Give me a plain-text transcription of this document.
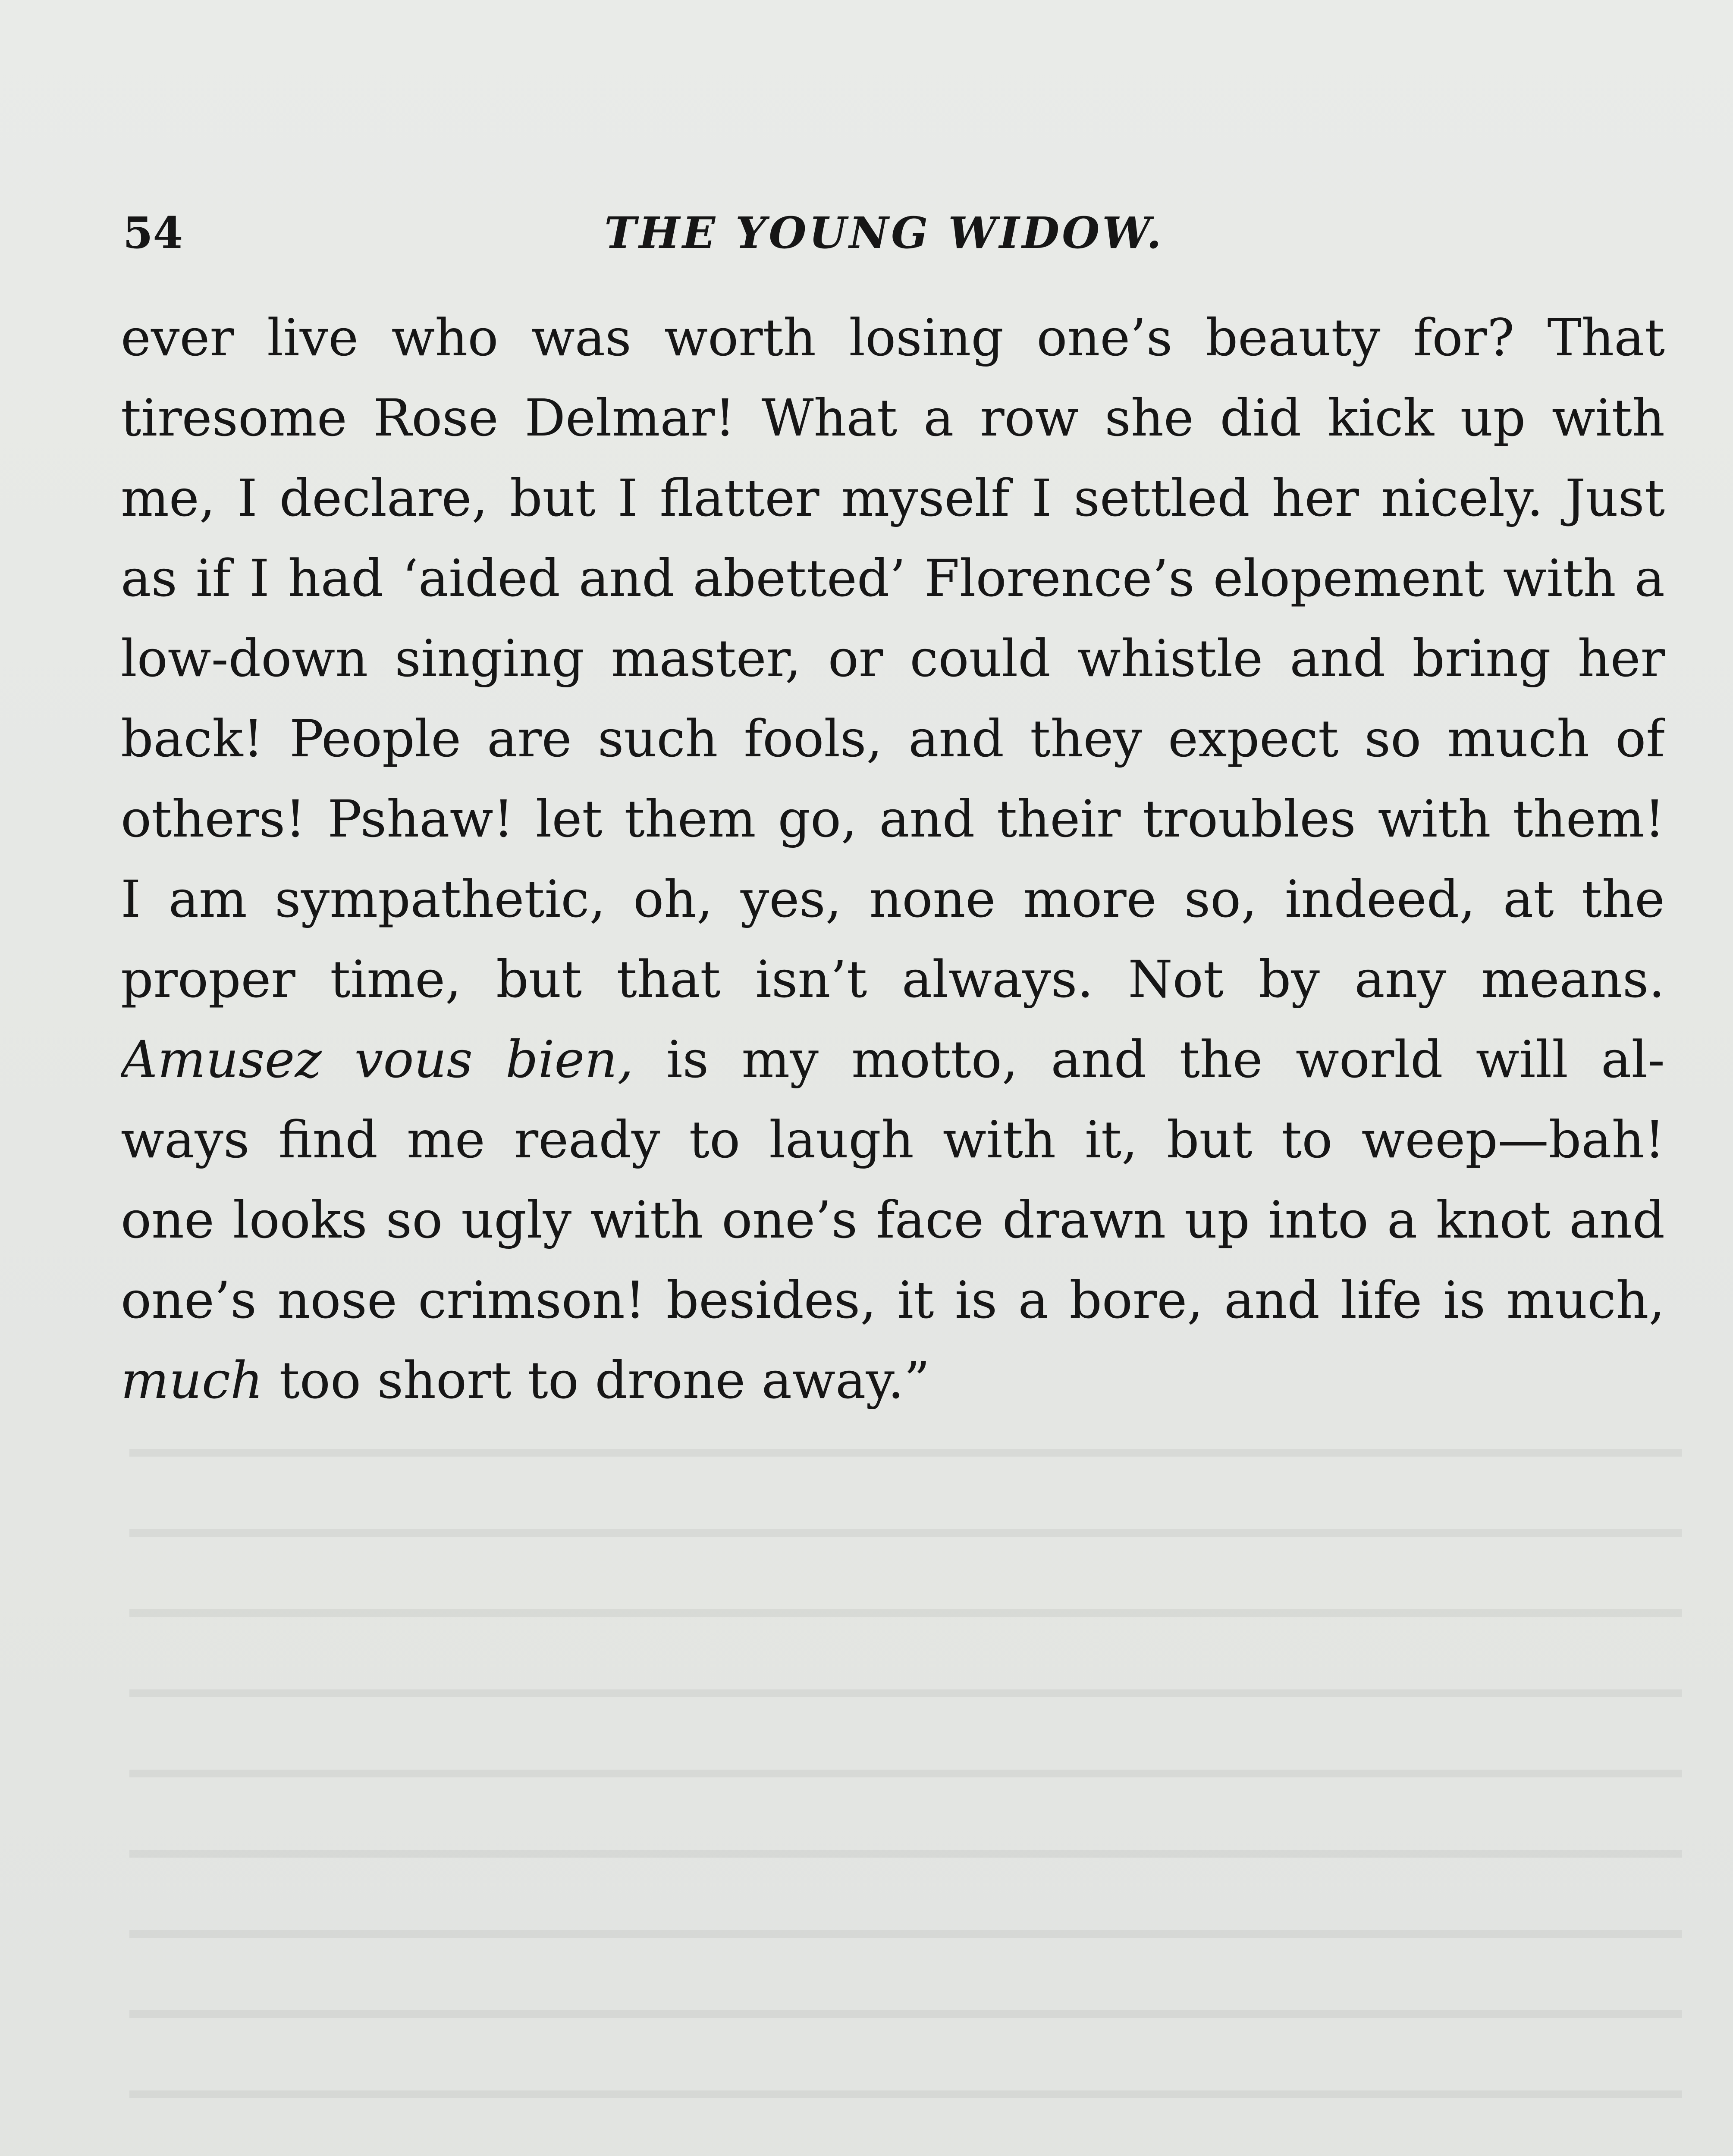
54	THE YOUNG WIDOW.
ever live who was worth losing one’s beauty for? That
tiresome Rose Delmar! What a row she did kick up with
me, I declare, but I flatter myself I settled her nicely. Just
as if I had ‘aided and abetted’ Florence’s elopement with a
low-down singing master, or could whistle and bring her
back! People are such fools, and they expect so much of
others! Pshaw! let them go, and their troubles with them!
I am sympathetic, oh, yes, none more so, indeed, at the
proper time, but that isn’t always. Not by any means.
Amusez vous bien, is my motto, and the world will al-
ways find me ready to laugh with it, but to weep—bah!
one looks so ugly with one’s face drawn up into a knot and
one’s nose crimson! besides, it is a bore, and life is much,
much too short to drone away.”
